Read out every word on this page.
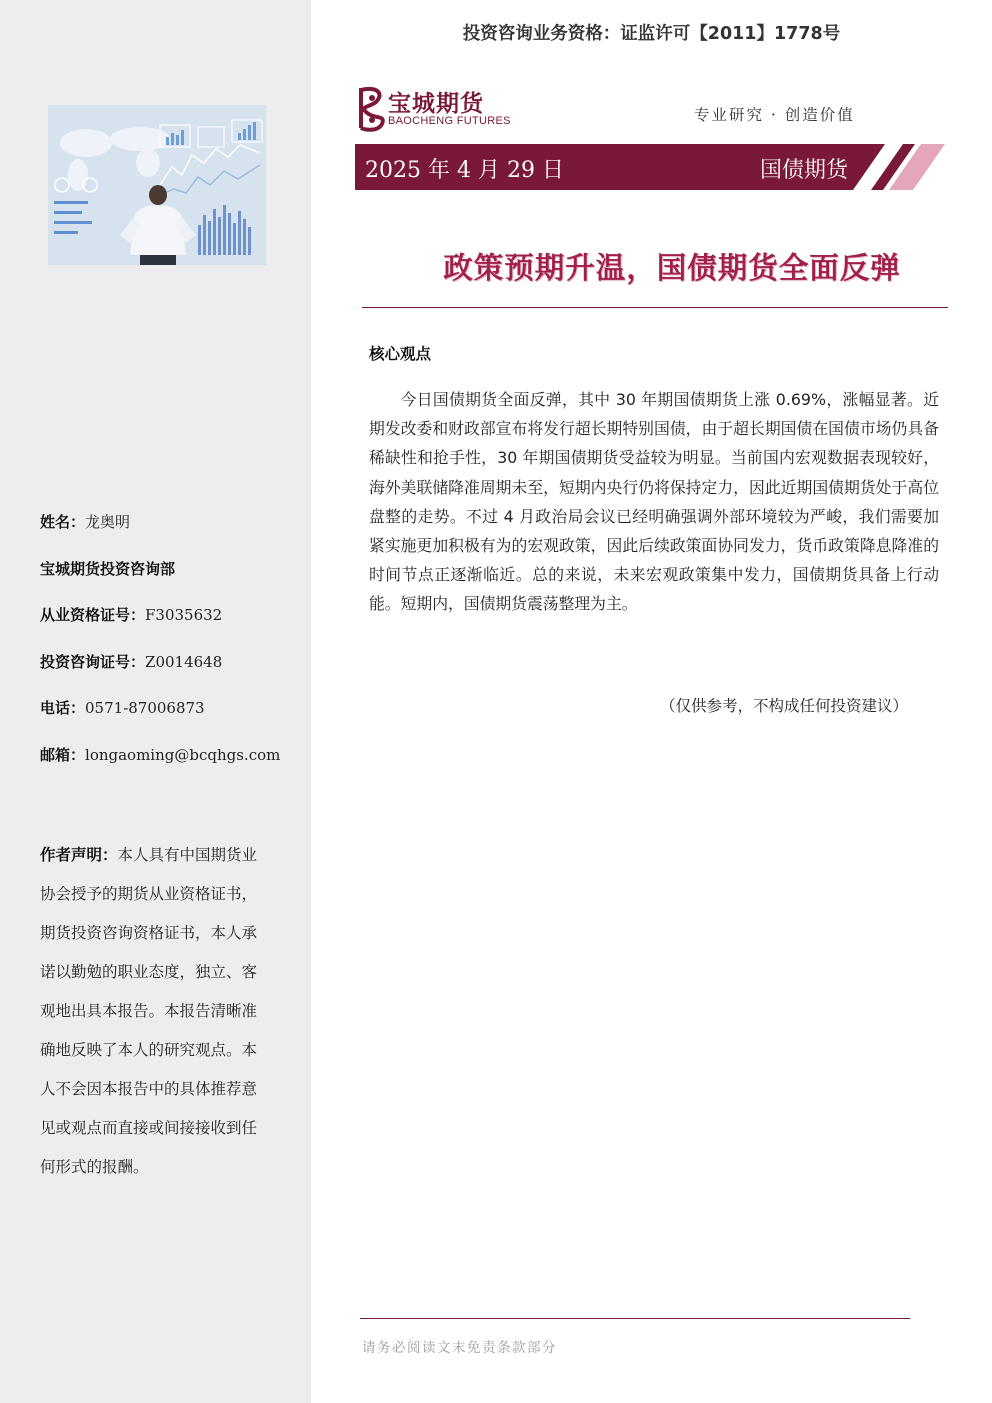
姓名：龙奥明
宝城期货投资咨询部
从业资格证号：F3035632
投资咨询证号：Z0014648
电话：0571-87006873
邮箱：longaoming@bcqhgs.com
作者声明：本人具有中国期货业协会授予的期货从业资格证书，期货投资咨询资格证书，本人承诺以勤勉的职业态度，独立、客观地出具本报告。本报告清晰准确地反映了本人的研究观点。本人不会因本报告中的具体推荐意见或观点而直接或间接接收到任何形式的报酬。
投资咨询业务资格：证监许可【2011】1778号
宝城期货
BAOCHENG FUTURES	专业研究 · 创造价值
2025 年 4 月 29 日	国债期货
政策预期升温，国债期货全面反弹
核心观点

今日国债期货全面反弹，其中 30 年期国债期货上涨 0.69%，涨幅显著。近期发改委和财政部宣布将发行超长期特别国债，由于超长期国债在国债市场仍具备稀缺性和抢手性，30 年期国债期货受益较为明显。当前国内宏观数据表现较好，海外美联储降准周期未至，短期内央行仍将保持定力，因此近期国债期货处于高位盘整的走势。不过 4 月政治局会议已经明确强调外部环境较为严峻，我们需要加紧实施更加积极有为的宏观政策，因此后续政策面协同发力，货币政策降息降准的时间节点正逐渐临近。总的来说，未来宏观政策集中发力，国债期货具备上行动能。短期内，国债期货震荡整理为主。

（仅供参考，不构成任何投资建议）
请务必阅读文末免责条款部分
